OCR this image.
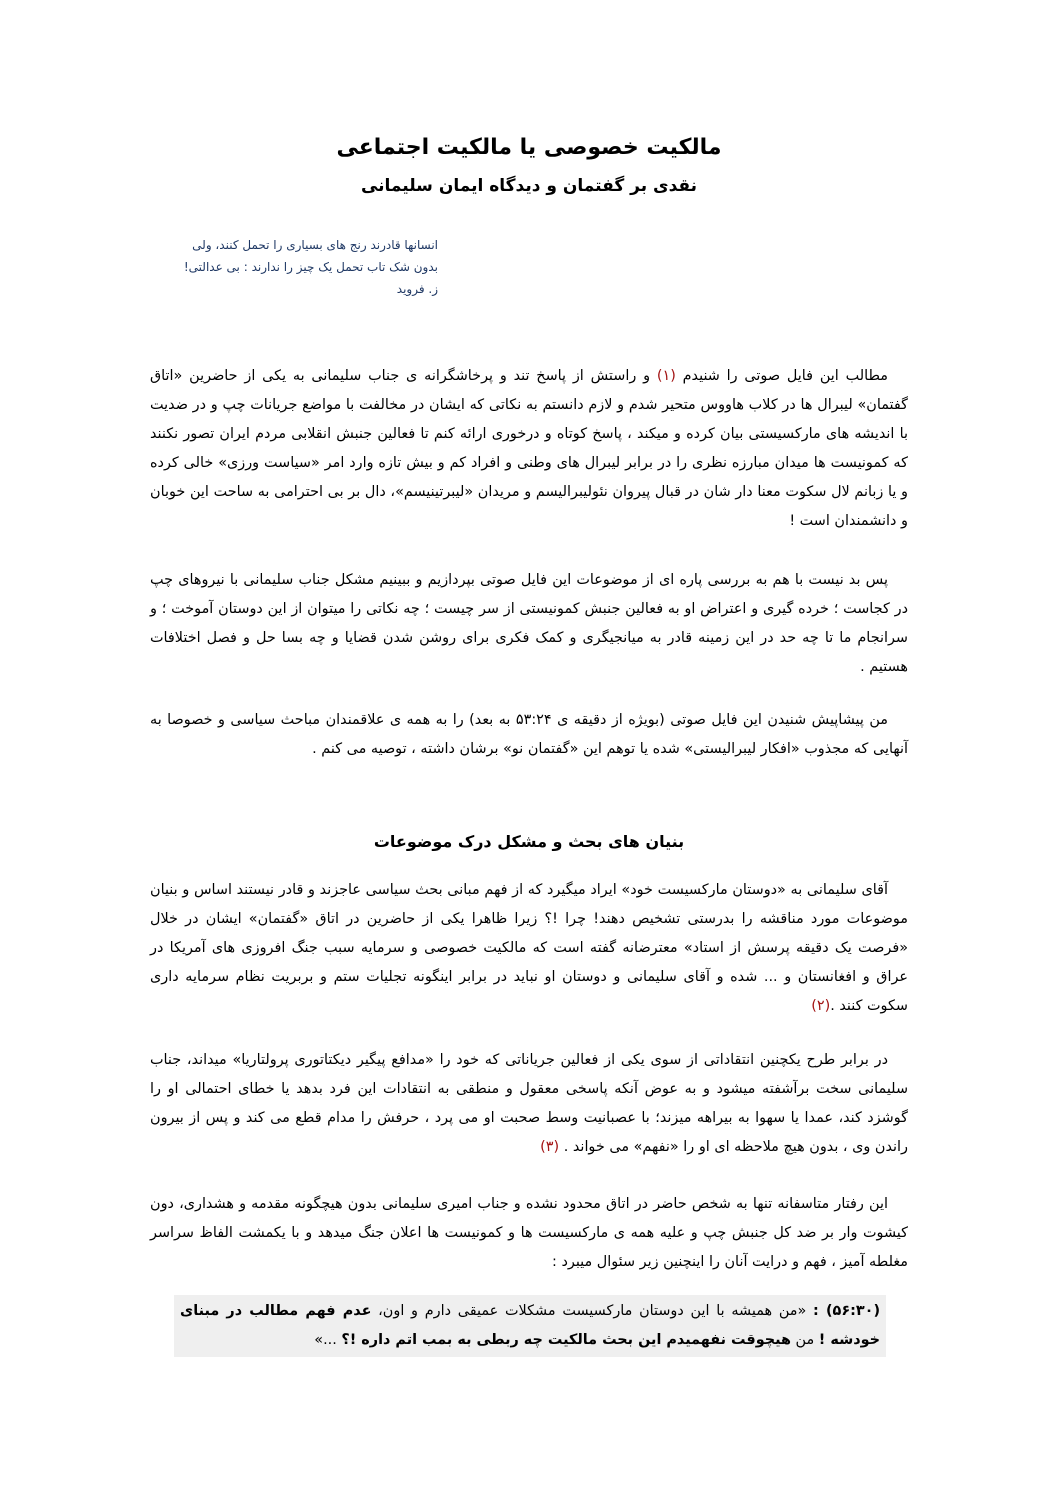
مالکیت خصوصی یا مالکیت اجتماعی
نقدی بر گفتمان و دیدگاه ایمان سلیمانی
انسانها قادرند رنج های بسیاری را تحمل کنند، ولی
بدون شک تاب تحمل یک چیز را ندارند : بی عدالتی!
ز. فروید

مطالب این فایل صوتی را شنیدم (۱) و راستش از پاسخ تند و پرخاشگرانه ی جناب سلیمانی به یکی از حاضرین «اتاق گفتمان» لیبرال ها در کلاب هاووس متحیر شدم و لازم دانستم به نکاتی که ایشان در مخالفت با مواضع جریانات چپ و در ضدیت با اندیشه های مارکسیستی بیان کرده و میکند ، پاسخ کوتاه و درخوری ارائه کنم تا فعالین جنبش انقلابی مردم ایران تصور نکنند که کمونیست ها میدان مبارزه نظری را در برابر لیبرال های وطنی و افراد کم و بیش تازه وارد امر «سیاست ورزی» خالی کرده و یا زبانم لال سکوت معنا دار شان در قبال پیروان نئولیبرالیسم و مریدان «لیبرتینیسم»، دال بر بی احترامی به ساحت این خوبان و دانشمندان است !

پس بد نیست با هم به بررسی پاره ای از موضوعات این فایل صوتی بپردازیم و ببینیم مشکل جناب سلیمانی با نیروهای چپ در کجاست ؛ خرده گیری و اعتراض او به فعالین جنبش کمونیستی از سر چیست ؛ چه نکاتی را میتوان از این دوستان آموخت ؛ و سرانجام ما تا چه حد در این زمینه قادر به میانجیگری و کمک فکری برای روشن شدن قضایا و چه بسا حل و فصل اختلافات هستیم .

من پیشاپیش شنیدن این فایل صوتی (بویژه از دقیقه ی ۵۳:۲۴ به بعد) را به همه ی علاقمندان مباحث سیاسی و خصوصا به آنهایی که مجذوب «افکار لیبرالیستی» شده یا توهم این «گفتمان نو» برشان داشته ، توصیه می کنم .

بنیان های بحث و مشکل درک موضوعات

آقای سلیمانی به «دوستان مارکسیست خود» ایراد میگیرد که از فهم مبانی بحث سیاسی عاجزند و قادر نیستند اساس و بنیان موضوعات مورد مناقشه را بدرستی تشخیص دهند! چرا !؟ زیرا ظاهرا یکی از حاضرین در اتاق «گفتمان» ایشان در خلال «فرصت یک دقیقه پرسش از استاد» معترضانه گفته است که مالکیت خصوصی و سرمایه سبب جنگ افروزی های آمریکا در عراق و افغانستان و ... شده و آقای سلیمانی و دوستان او نباید در برابر اینگونه تجلیات ستم و بربریت نظام سرمایه داری سکوت کنند .(۲)

در برابر طرح یکچنین انتقاداتی از سوی یکی از فعالین جریاناتی که خود را «مدافع پیگیر دیکتاتوری پرولتاریا» میداند، جناب سلیمانی سخت برآشفته میشود و به عوض آنکه پاسخی معقول و منطقی به انتقادات این فرد بدهد یا خطای احتمالی او را گوشزد کند، عمدا یا سهوا به بیراهه میزند؛ با عصبانیت وسط صحبت او می پرد ، حرفش را مدام قطع می کند و پس از بیرون راندن وی ، بدون هیچ ملاحظه ای او را «نفهم» می خواند . (۳)

این رفتار متاسفانه تنها به شخص حاضر در اتاق محدود نشده و جناب امیری سلیمانی بدون هیچگونه مقدمه و هشداری، دون کیشوت وار بر ضد کل جنبش چپ و علیه همه ی مارکسیست ها و کمونیست ها اعلان جنگ میدهد و با یکمشت الفاظ سراسر مغلطه آمیز ، فهم و درایت آنان را اینچنین زیر سئوال میبرد :

(۵۶:۳۰) : «من همیشه با این دوستان مارکسیست مشکلات عمیقی دارم و اون، عدم فهم مطالب در مبنای خودشه ! من هیچوقت نفهمیدم این بحث مالکیت چه ربطی به بمب اتم داره !؟ ...»
